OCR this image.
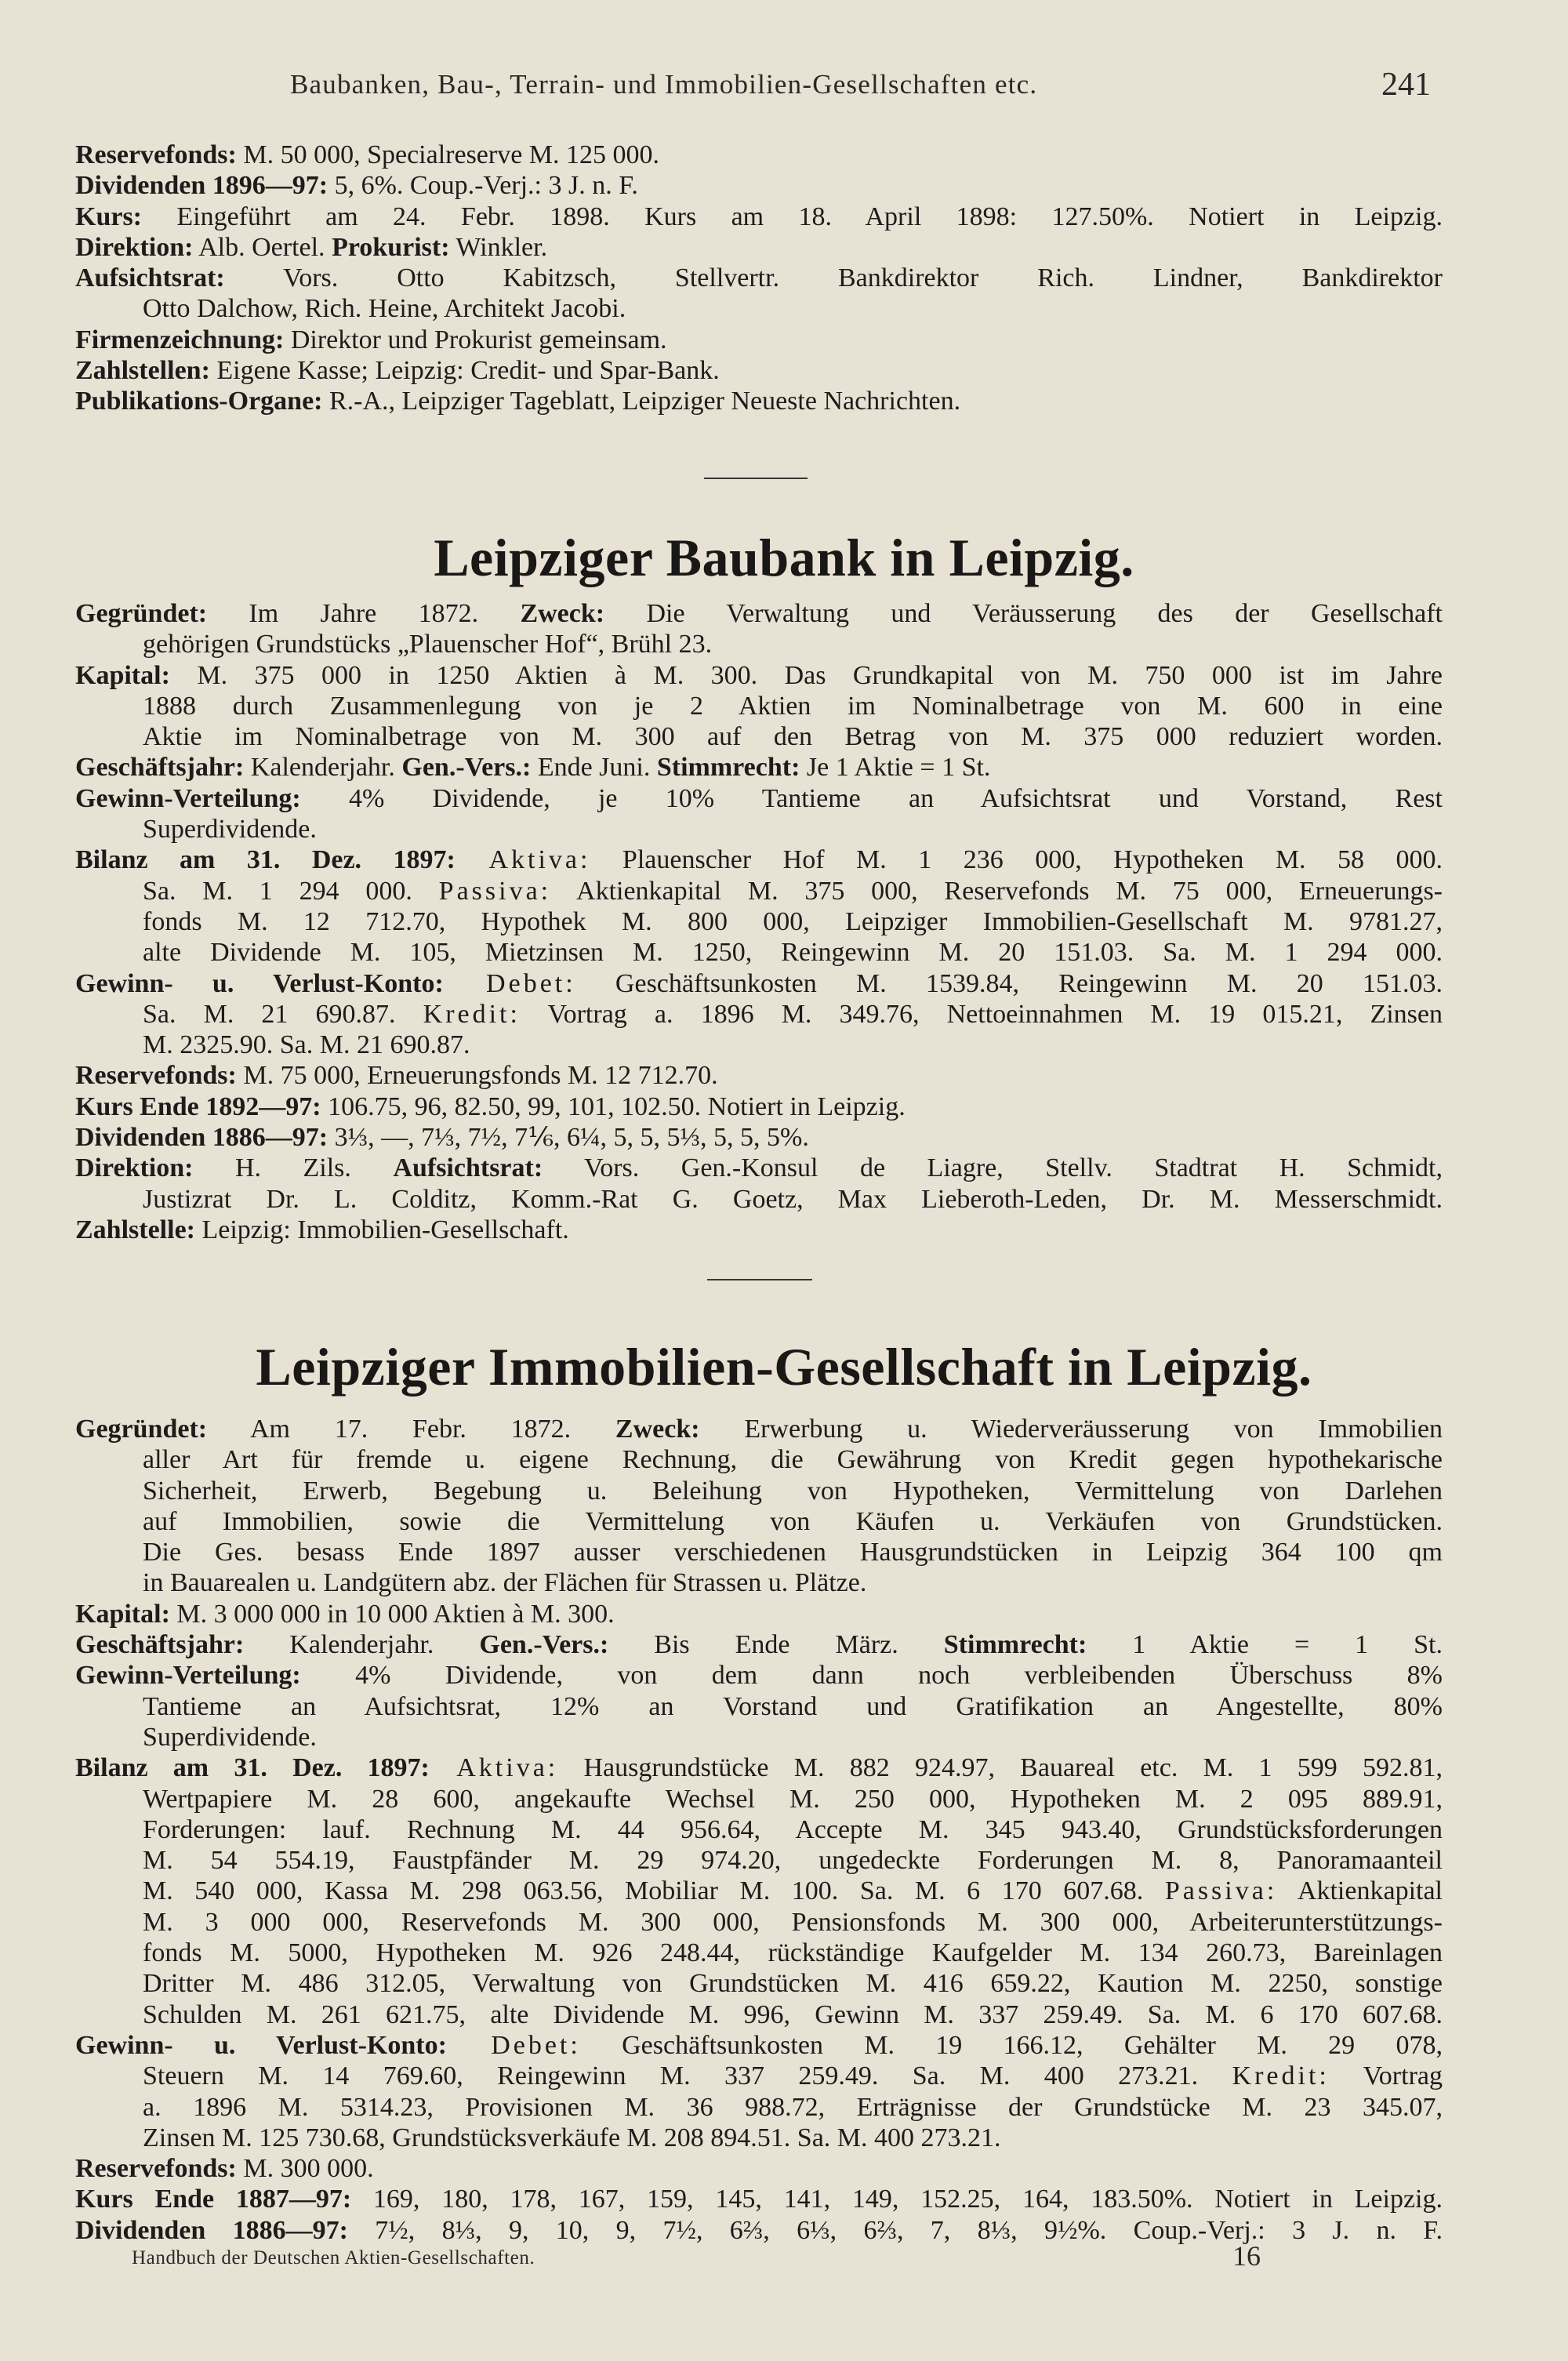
Baubanken, Bau-, Terrain- und Immobilien-Gesellschaften etc.	241
Reservefonds: M. 50 000, Specialreserve M. 125 000.
Dividenden 1896—97: 5, 6%. Coup.-Verj.: 3 J. n. F.
Kurs: Eingeführt am 24. Febr. 1898. Kurs am 18. April 1898: 127.50%. Notiert in Leipzig.
Direktion: Alb. Oertel. Prokurist: Winkler.
Aufsichtsrat: Vors. Otto Kabitzsch, Stellvertr. Bankdirektor Rich. Lindner, Bankdirektor
Otto Dalchow, Rich. Heine, Architekt Jacobi.
Firmenzeichnung: Direktor und Prokurist gemeinsam.
Zahlstellen: Eigene Kasse; Leipzig: Credit- und Spar-Bank.
Publikations-Organe: R.-A., Leipziger Tageblatt, Leipziger Neueste Nachrichten.
Leipziger Baubank in Leipzig.
Gegründet: Im Jahre 1872. Zweck: Die Verwaltung und Veräusserung des der Gesellschaft
gehörigen Grundstücks „Plauenscher Hof“, Brühl 23.
Kapital: M. 375 000 in 1250 Aktien à M. 300. Das Grundkapital von M. 750 000 ist im Jahre
1888 durch Zusammenlegung von je 2 Aktien im Nominalbetrage von M. 600 in eine
Aktie im Nominalbetrage von M. 300 auf den Betrag von M. 375 000 reduziert worden.
Geschäftsjahr: Kalenderjahr. Gen.-Vers.: Ende Juni. Stimmrecht: Je 1 Aktie = 1 St.
Gewinn-Verteilung: 4% Dividende, je 10% Tantieme an Aufsichtsrat und Vorstand, Rest
Superdividende.
Bilanz am 31. Dez. 1897: Aktiva: Plauenscher Hof M. 1 236 000, Hypotheken M. 58 000.
Sa. M. 1 294 000. Passiva: Aktienkapital M. 375 000, Reservefonds M. 75 000, Erneuerungs-
fonds M. 12 712.70, Hypothek M. 800 000, Leipziger Immobilien-Gesellschaft M. 9781.27,
alte Dividende M. 105, Mietzinsen M. 1250, Reingewinn M. 20 151.03. Sa. M. 1 294 000.
Gewinn- u. Verlust-Konto: Debet: Geschäftsunkosten M. 1539.84, Reingewinn M. 20 151.03.
Sa. M. 21 690.87. Kredit: Vortrag a. 1896 M. 349.76, Nettoeinnahmen M. 19 015.21, Zinsen
M. 2325.90. Sa. M. 21 690.87.
Reservefonds: M. 75 000, Erneuerungsfonds M. 12 712.70.
Kurs Ende 1892—97: 106.75, 96, 82.50, 99, 101, 102.50. Notiert in Leipzig.
Dividenden 1886—97: 3⅓, —, 7⅓, 7½, 7⅙, 6¼, 5, 5, 5⅓, 5, 5, 5%.
Direktion: H. Zils. Aufsichtsrat: Vors. Gen.-Konsul de Liagre, Stellv. Stadtrat H. Schmidt,
Justizrat Dr. L. Colditz, Komm.-Rat G. Goetz, Max Lieberoth-Leden, Dr. M. Messerschmidt.
Zahlstelle: Leipzig: Immobilien-Gesellschaft.
Leipziger Immobilien-Gesellschaft in Leipzig.
Gegründet: Am 17. Febr. 1872. Zweck: Erwerbung u. Wiederveräusserung von Immobilien
aller Art für fremde u. eigene Rechnung, die Gewährung von Kredit gegen hypothekarische
Sicherheit, Erwerb, Begebung u. Beleihung von Hypotheken, Vermittelung von Darlehen
auf Immobilien, sowie die Vermittelung von Käufen u. Verkäufen von Grundstücken.
Die Ges. besass Ende 1897 ausser verschiedenen Hausgrundstücken in Leipzig 364 100 qm
in Bauarealen u. Landgütern abz. der Flächen für Strassen u. Plätze.
Kapital: M. 3 000 000 in 10 000 Aktien à M. 300.
Geschäftsjahr: Kalenderjahr. Gen.-Vers.: Bis Ende März. Stimmrecht: 1 Aktie = 1 St.
Gewinn-Verteilung: 4% Dividende, von dem dann noch verbleibenden Überschuss 8%
Tantieme an Aufsichtsrat, 12% an Vorstand und Gratifikation an Angestellte, 80%
Superdividende.
Bilanz am 31. Dez. 1897: Aktiva: Hausgrundstücke M. 882 924.97, Bauareal etc. M. 1 599 592.81,
Wertpapiere M. 28 600, angekaufte Wechsel M. 250 000, Hypotheken M. 2 095 889.91,
Forderungen: lauf. Rechnung M. 44 956.64, Accepte M. 345 943.40, Grundstücksforderungen
M. 54 554.19, Faustpfänder M. 29 974.20, ungedeckte Forderungen M. 8, Panoramaanteil
M. 540 000, Kassa M. 298 063.56, Mobiliar M. 100. Sa. M. 6 170 607.68. Passiva: Aktienkapital
M. 3 000 000, Reservefonds M. 300 000, Pensionsfonds M. 300 000, Arbeiterunterstützungs-
fonds M. 5000, Hypotheken M. 926 248.44, rückständige Kaufgelder M. 134 260.73, Bareinlagen
Dritter M. 486 312.05, Verwaltung von Grundstücken M. 416 659.22, Kaution M. 2250, sonstige
Schulden M. 261 621.75, alte Dividende M. 996, Gewinn M. 337 259.49. Sa. M. 6 170 607.68.
Gewinn- u. Verlust-Konto: Debet: Geschäftsunkosten M. 19 166.12, Gehälter M. 29 078,
Steuern M. 14 769.60, Reingewinn M. 337 259.49. Sa. M. 400 273.21. Kredit: Vortrag
a. 1896 M. 5314.23, Provisionen M. 36 988.72, Erträgnisse der Grundstücke M. 23 345.07,
Zinsen M. 125 730.68, Grundstücksverkäufe M. 208 894.51. Sa. M. 400 273.21.
Reservefonds: M. 300 000.
Kurs Ende 1887—97: 169, 180, 178, 167, 159, 145, 141, 149, 152.25, 164, 183.50%. Notiert in Leipzig.
Dividenden 1886—97: 7½, 8⅓, 9, 10, 9, 7½, 6⅔, 6⅓, 6⅔, 7, 8⅓, 9½%. Coup.-Verj.: 3 J. n. F.
Handbuch der Deutschen Aktien-Gesellschaften.	16
